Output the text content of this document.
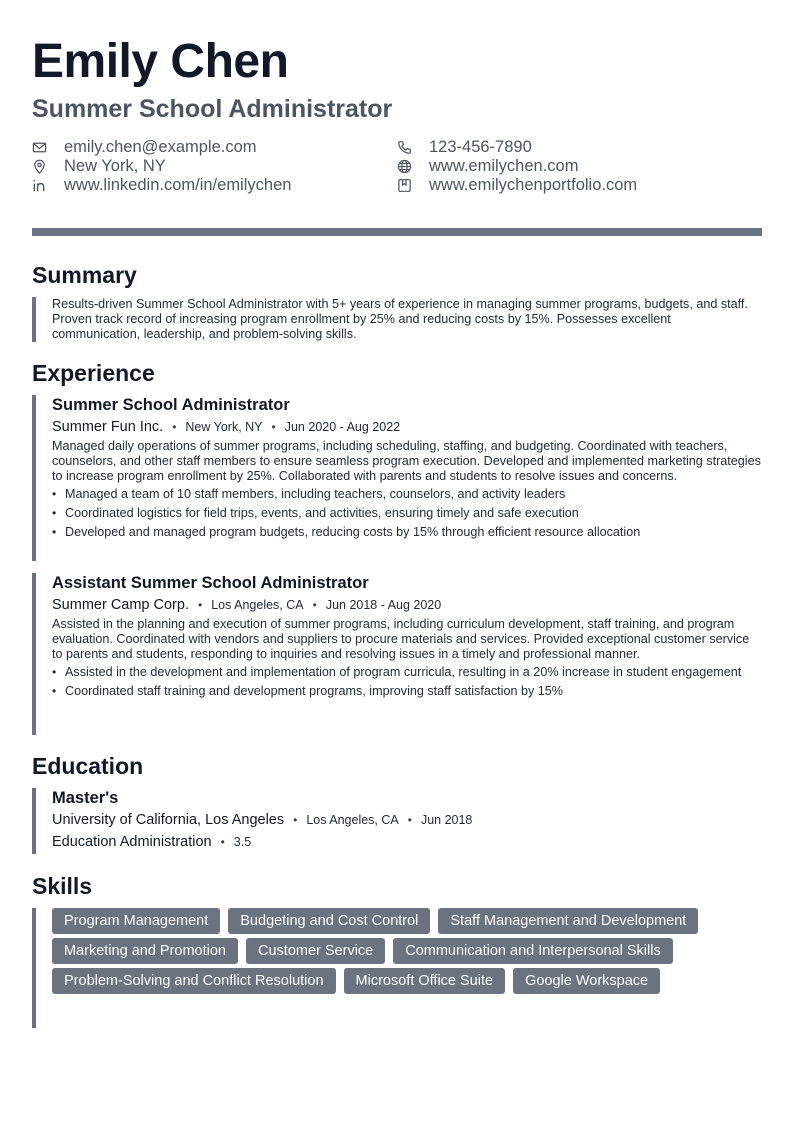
Emily Chen
Summer School Administrator
emily.chen@example.com
New York, NY
www.linkedin.com/in/emilychen
123-456-7890
www.emilychen.com
www.emilychenportfolio.com
Summary

Results-driven Summer School Administrator with 5+ years of experience in managing summer programs, budgets, and staff. Proven track record of increasing program enrollment by 25% and reducing costs by 15%. Possesses excellent communication, leadership, and problem-solving skills.

Experience
Summer School Administrator
Summer Fun Inc. • New York, NY • Jun 2020 - Aug 2022

Managed daily operations of summer programs, including scheduling, staffing, and budgeting. Coordinated with teachers, counselors, and other staff members to ensure seamless program execution. Developed and implemented marketing strategies to increase program enrollment by 25%. Collaborated with parents and students to resolve issues and concerns.

• Managed a team of 10 staff members, including teachers, counselors, and activity leaders
• Coordinated logistics for field trips, events, and activities, ensuring timely and safe execution
• Developed and managed program budgets, reducing costs by 15% through efficient resource allocation
Assistant Summer School Administrator
Summer Camp Corp. • Los Angeles, CA • Jun 2018 - Aug 2020

Assisted in the planning and execution of summer programs, including curriculum development, staff training, and program evaluation. Coordinated with vendors and suppliers to procure materials and services. Provided exceptional customer service to parents and students, responding to inquiries and resolving issues in a timely and professional manner.

• Assisted in the development and implementation of program curricula, resulting in a 20% increase in student engagement
• Coordinated staff training and development programs, improving staff satisfaction by 15%
Education
Master's
University of California, Los Angeles • Los Angeles, CA • Jun 2018
Education Administration • 3.5
Skills
Program Management	Budgeting and Cost Control	Staff Management and Development
Marketing and Promotion	Customer Service	Communication and Interpersonal Skills
Problem-Solving and Conflict Resolution	Microsoft Office Suite	Google Workspace
